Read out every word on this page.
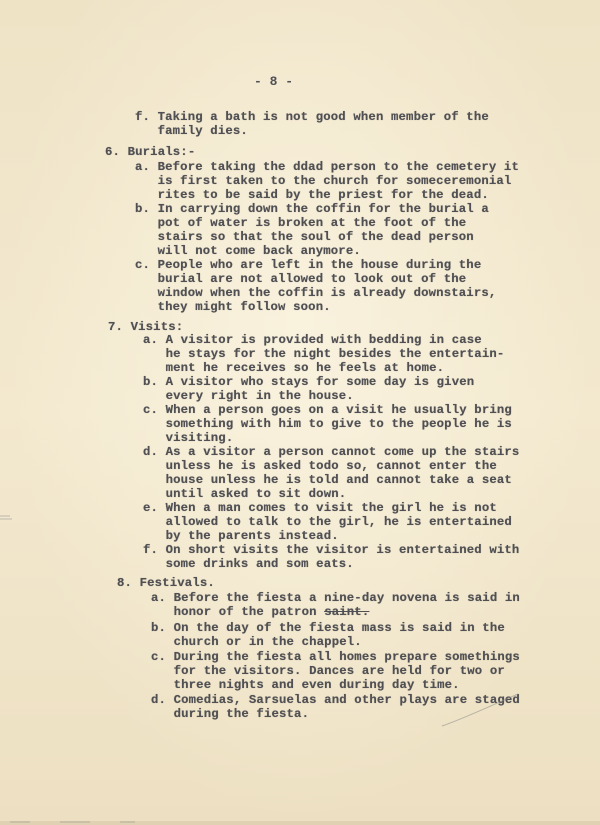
- 8 -
f. Taking a bath is not good when member of the
family dies.
6. Burials:-
a. Before taking the ddad person to the cemetery it
is first taken to the church for someceremonial
rites to be said by the priest for the dead.
b. In carrying down the coffin for the burial a
pot of water is broken at the foot of the
stairs so that the soul of the dead person
will not come back anymore.
c. People who are left in the house during the
burial are not allowed to look out of the
window when the coffin is already downstairs,
they might follow soon.
7. Visits:
a. A visitor is provided with bedding in case
he stays for the night besides the entertain-
ment he receives so he feels at home.
b. A visitor who stays for some day is given
every right in the house.
c. When a person goes on a visit he usually bring
something with him to give to the people he is
visiting.
d. As a visitor a person cannot come up the stairs
unless he is asked todo so, cannot enter the
house unless he is told and cannot take a seat
until asked to sit down.
e. When a man comes to visit the girl he is not
allowed to talk to the girl, he is entertained
by the parents instead.
f. On short visits the visitor is entertained with
some drinks and som eats.
8. Festivals.
a. Before the fiesta a nine-day novena is said in
honor of the patron saint.
b. On the day of the fiesta mass is said in the
church or in the chappel.
c. During the fiesta all homes prepare somethings
for the visitors. Dances are held for two or
three nights and even during day time.
d. Comedias, Sarsuelas and other plays are staged
during the fiesta.
